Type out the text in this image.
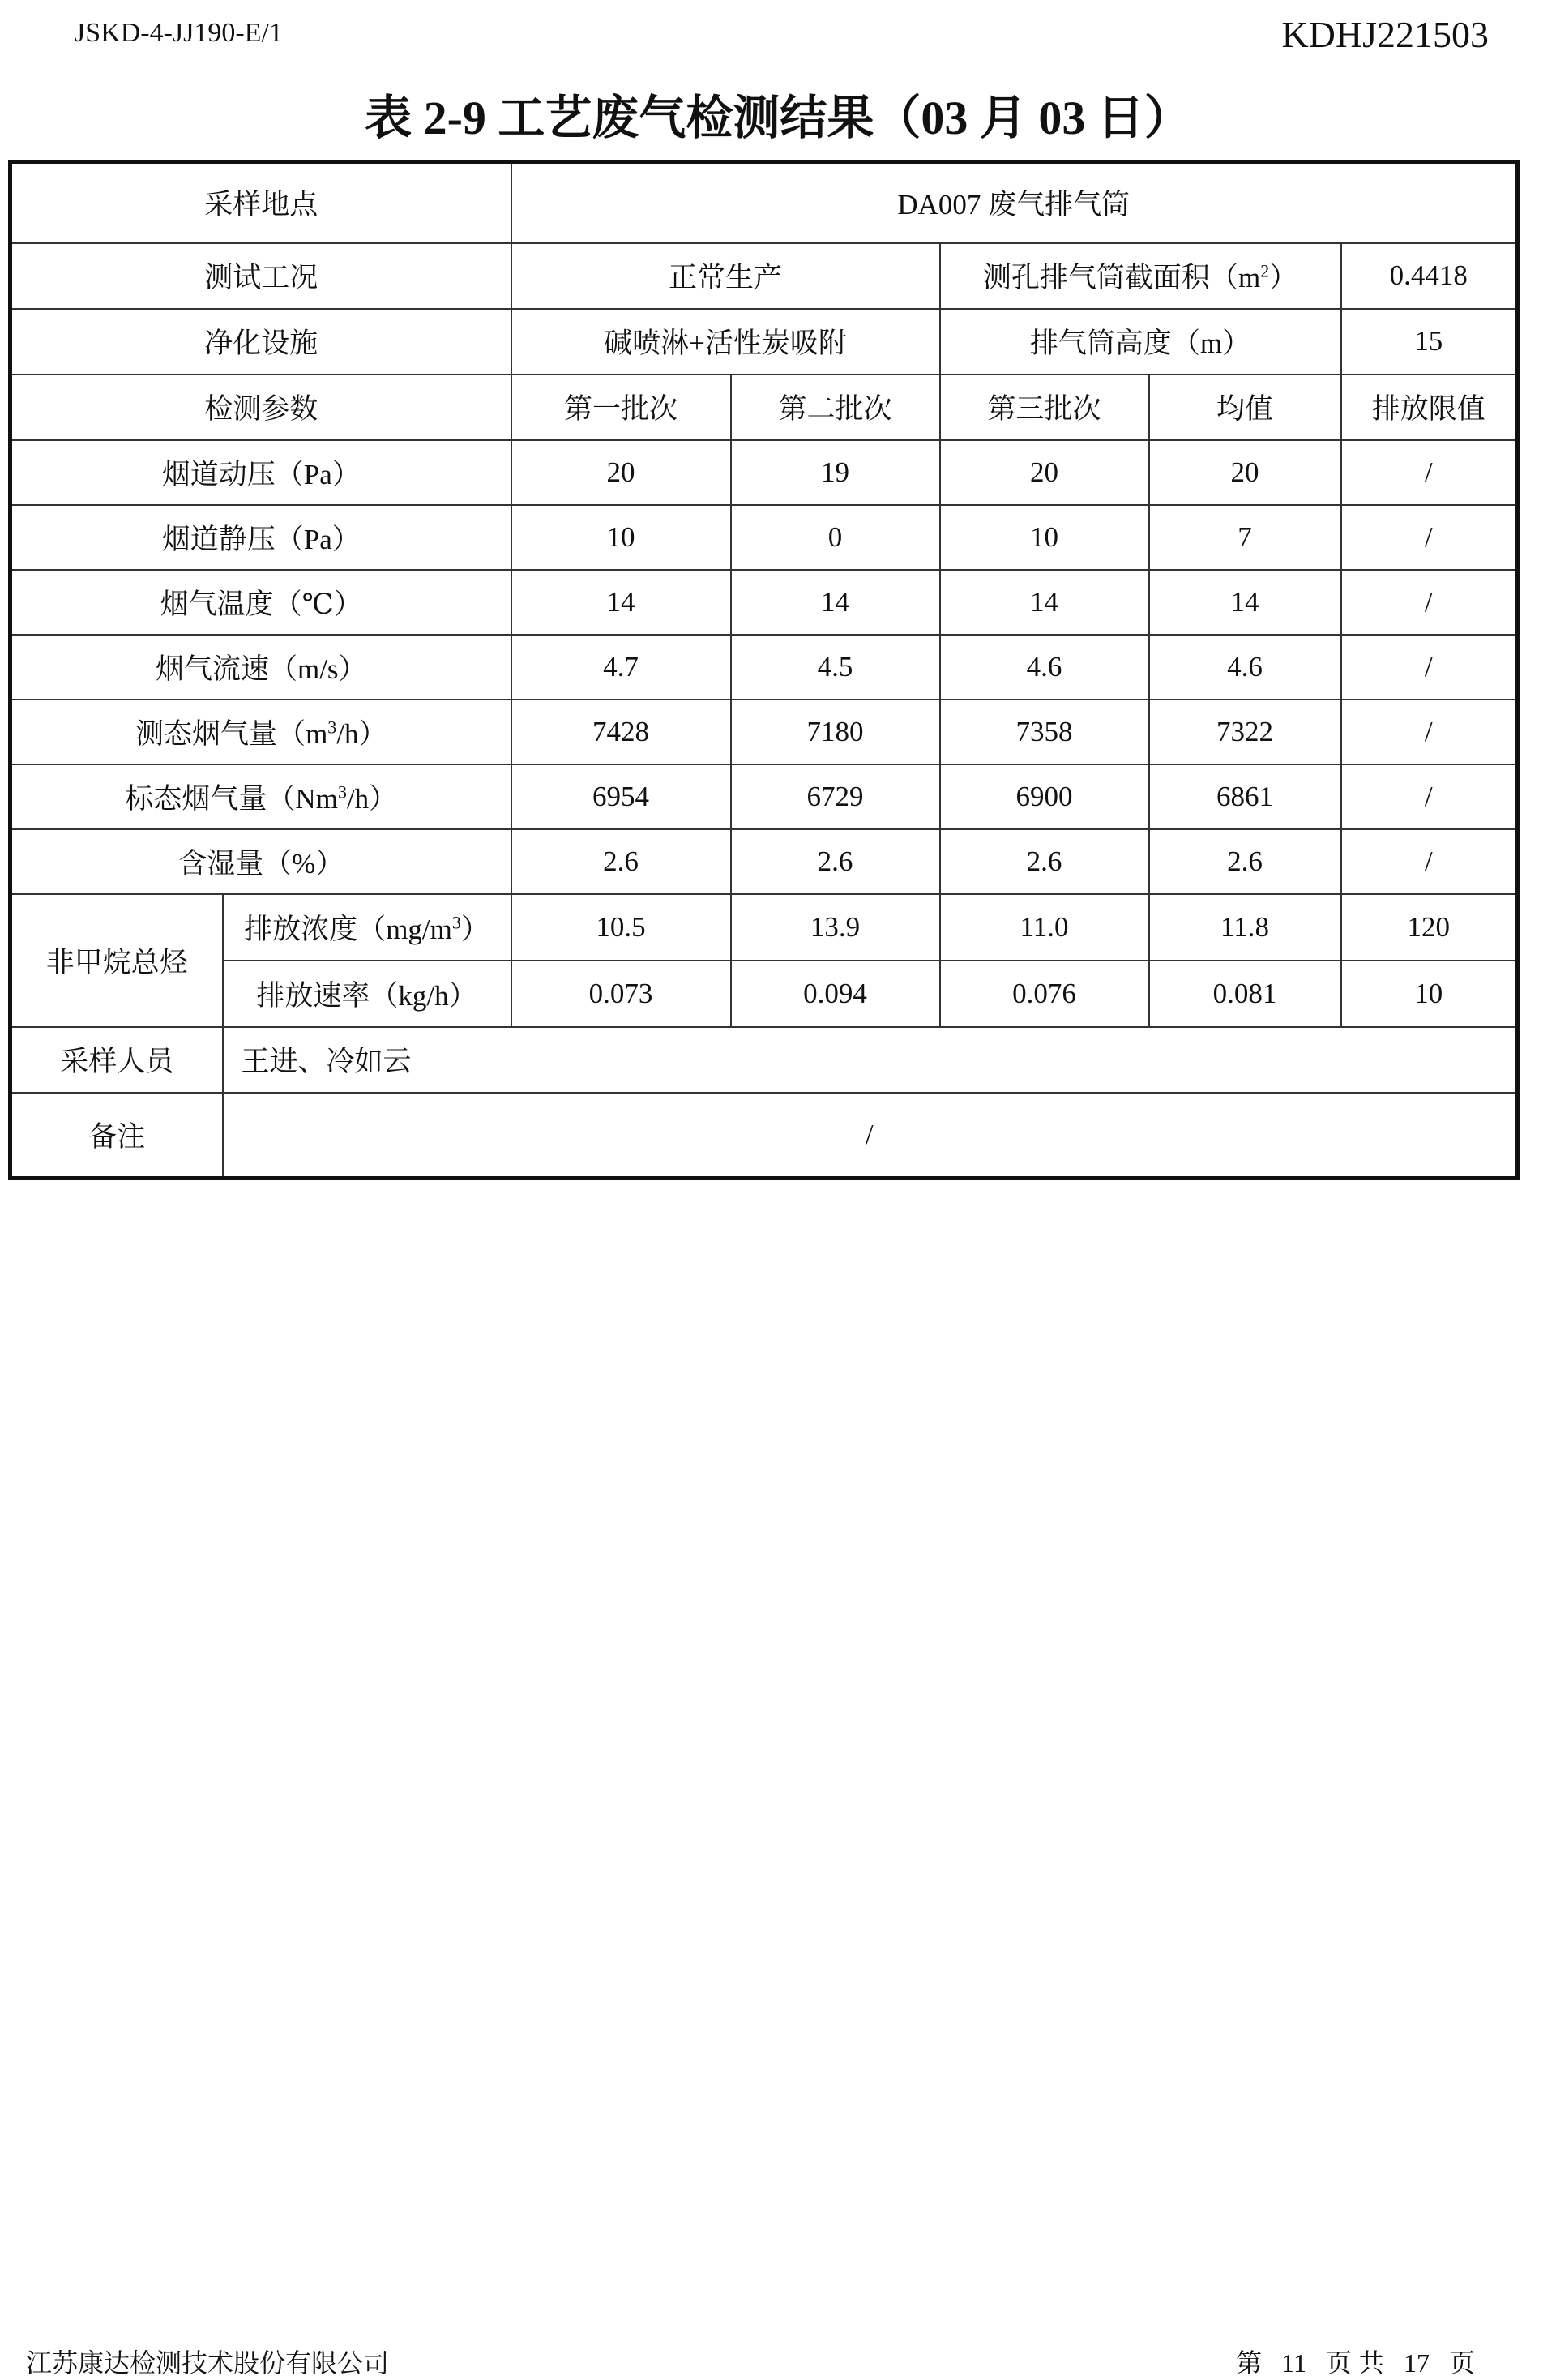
JSKD-4-JJ190-E/1	KDHJ221503
表 2-9 工艺废气检测结果（03 月 03 日）
采样地点		DA007 废气排气筒				
测试工况		正常生产		测孔排气筒截面积$(m^2)$		0.4418
净化设施		碱喷淋+活性炭吸附		排气筒高度（m）		15
检测参数		第一批次	第二批次	第三批次	均值	排放限值
烟道动压（Pa）		20	19	20	20	/
烟道静压（Pa）		10	0	10	7	/
烟气温度（℃）		14	14	14	14	/
烟气流速（m/s）		4.7	4.5	4.6	4.6	/
测态烟气量$(m^3/h)$		7428	7180	7358	7322	/
标态烟气量（Nm$^3$/h）		6954	6729	6900	6861	/
含湿量（%）		2.6	2.6	2.6	2.6	/
非甲烷总烃	排放浓度$(mg/m^3)$	10.5	13.9	11.0	11.8	120
	排放速率（kg/h）	0.073	0.094	0.076	0.081	10
采样人员	王进、冷如云					
备注	/					
江苏康达检测技术股份有限公司	第 11 页 共 17 页
